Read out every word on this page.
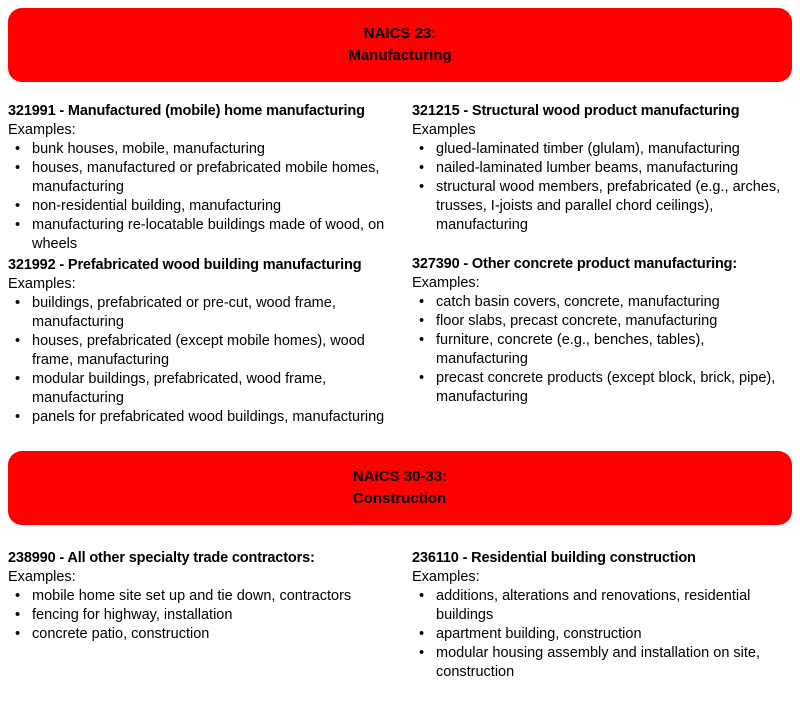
NAICS 23:
Manufacturing
321991 - Manufactured (mobile) home manufacturing
Examples:
• bunk houses, mobile, manufacturing
• houses, manufactured or prefabricated mobile homes, manufacturing
• non-residential building, manufacturing
• manufacturing re-locatable buildings made of wood, on wheels
321992 - Prefabricated wood building manufacturing
Examples:
• buildings, prefabricated or pre-cut, wood frame, manufacturing
• houses, prefabricated (except mobile homes), wood frame, manufacturing
• modular buildings, prefabricated, wood frame, manufacturing
• panels for prefabricated wood buildings, manufacturing
321215 - Structural wood product manufacturing
Examples
• glued-laminated timber (glulam), manufacturing
• nailed-laminated lumber beams, manufacturing
• structural wood members, prefabricated (e.g., arches, trusses, I-joists and parallel chord ceilings), manufacturing
327390 - Other concrete product manufacturing:
Examples:
• catch basin covers, concrete, manufacturing
• floor slabs, precast concrete, manufacturing
• furniture, concrete (e.g., benches, tables), manufacturing
• precast concrete products (except block, brick, pipe), manufacturing
NAICS 30-33:
Construction
238990 - All other specialty trade contractors:
Examples:
• mobile home site set up and tie down, contractors
• fencing for highway, installation
• concrete patio, construction
236110 - Residential building construction
Examples:
• additions, alterations and renovations, residential buildings
• apartment building, construction
• modular housing assembly and installation on site, construction
